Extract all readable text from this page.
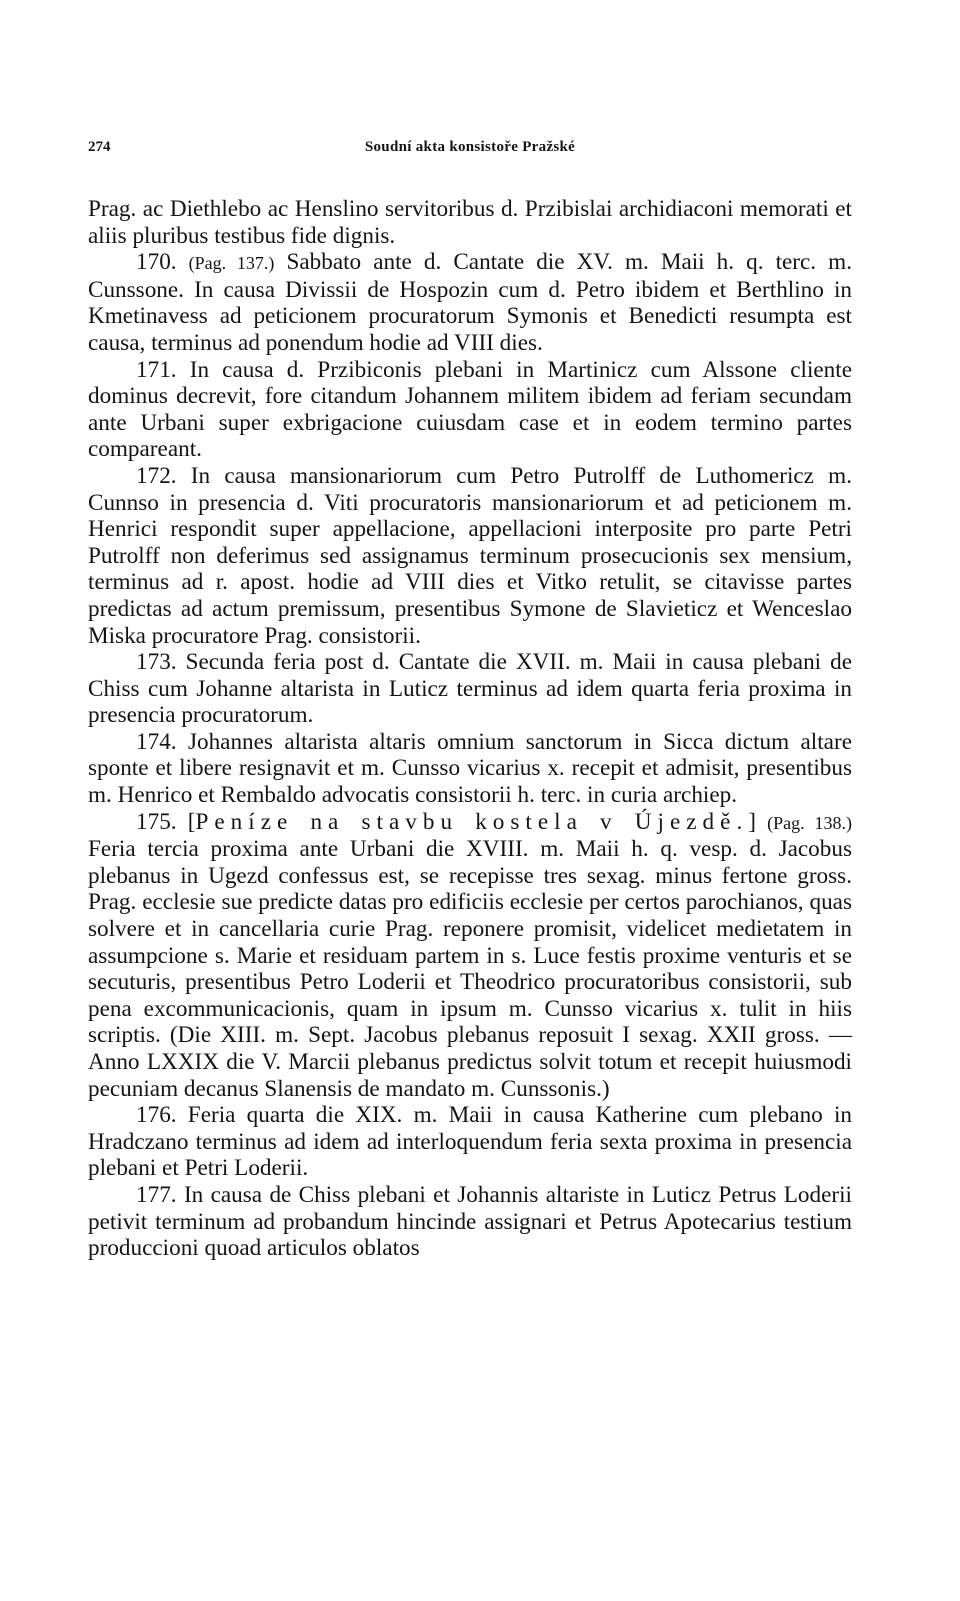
274	Soudní akta konsistoře Pražské

Prag. ac Diethlebo ac Henslino servitoribus d. Przibislai archidiaconi memorati et aliis pluribus testibus fide dignis.

170. (Pag. 137.) Sabbato ante d. Cantate die XV. m. Maii h. q. terc. m. Cunssone. In causa Divissii de Hospozin cum d. Petro ibidem et Berthlino in Kmetinavess ad peticionem procuratorum Symonis et Benedicti resumpta est causa, terminus ad ponendum hodie ad VIII dies.

171. In causa d. Przibiconis plebani in Martinicz cum Alssone cliente dominus decrevit, fore citandum Johannem militem ibidem ad feriam secundam ante Urbani super exbrigacione cuiusdam case et in eodem termino partes compareant.

172. In causa mansionariorum cum Petro Putrolff de Luthomericz m. Cunnso in presencia d. Viti procuratoris mansionariorum et ad peticionem m. Henrici respondit super appellacione, appellacioni interposite pro parte Petri Putrolff non deferimus sed assignamus terminum prosecucionis sex mensium, terminus ad r. apost. hodie ad VIII dies et Vitko retulit, se citavisse partes predictas ad actum premissum, presentibus Symone de Slavieticz et Wenceslao Miska procuratore Prag. consistorii.

173. Secunda feria post d. Cantate die XVII. m. Maii in causa plebani de Chiss cum Johanne altarista in Luticz terminus ad idem quarta feria proxima in presencia procuratorum.

174. Johannes altarista altaris omnium sanctorum in Sicca dictum altare sponte et libere resignavit et m. Cunsso vicarius x. recepit et admisit, presentibus m. Henrico et Rembaldo advocatis consistorii h. terc. in curia archiep.

175. [Peníze na stavbu kostela v Újezdě.] (Pag. 138.) Feria tercia proxima ante Urbani die XVIII. m. Maii h. q. vesp. d. Jacobus plebanus in Ugezd confessus est, se recepisse tres sexag. minus fertone gross. Prag. ecclesie sue predicte datas pro edificiis ecclesie per certos parochianos, quas solvere et in cancellaria curie Prag. reponere promisit, videlicet medietatem in assumpcione s. Marie et residuam partem in s. Luce festis proxime venturis et se secuturis, presentibus Petro Loderii et Theodrico procuratoribus consistorii, sub pena excommunicacionis, quam in ipsum m. Cunsso vicarius x. tulit in hiis scriptis. (Die XIII. m. Sept. Jacobus plebanus reposuit I sexag. XXII gross. — Anno LXXIX die V. Marcii plebanus predictus solvit totum et recepit huiusmodi pecuniam decanus Slanensis de mandato m. Cunssonis.)

176. Feria quarta die XIX. m. Maii in causa Katherine cum plebano in Hradczano terminus ad idem ad interloquendum feria sexta proxima in presencia plebani et Petri Loderii.

177. In causa de Chiss plebani et Johannis altariste in Luticz Petrus Loderii petivit terminum ad probandum hincinde assignari et Petrus Apotecarius testium produccioni quoad articulos oblatos
